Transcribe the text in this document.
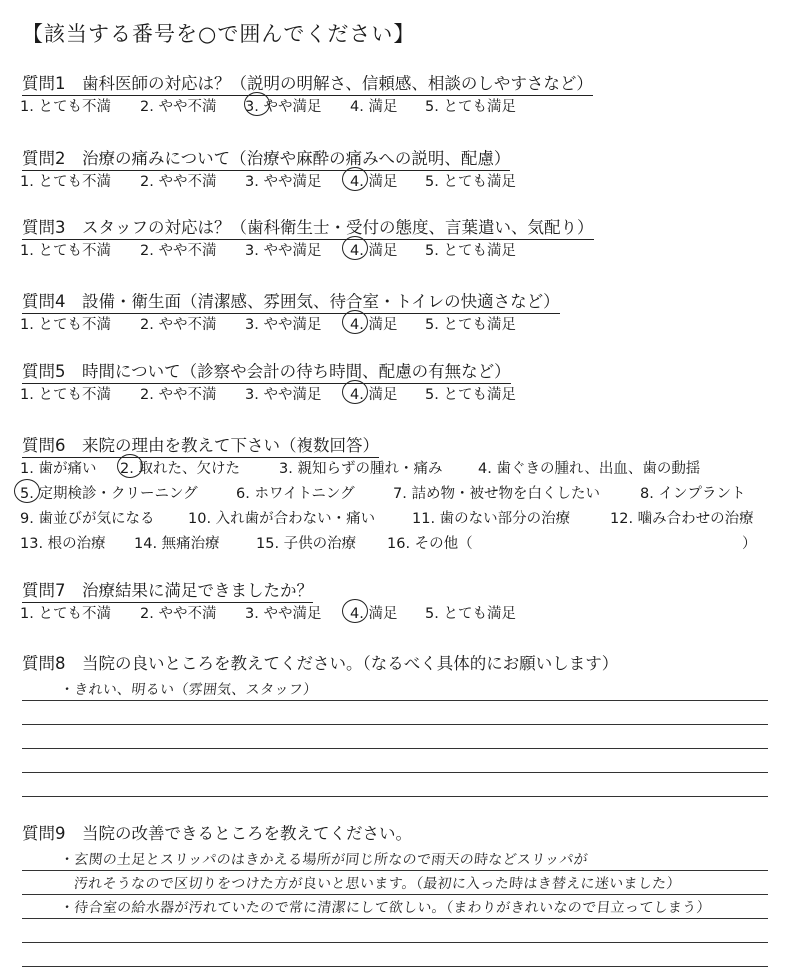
【該当する番号を○で囲んでください】
質問1　歯科医師の対応は？（説明の明解さ、信頼感、相談のしやすさなど）
1. とても不満 2. やや不満 3. やや満足 4. 満足 5. とても満足
質問2　治療の痛みについて（治療や麻酔の痛みへの説明、配慮）
1. とても不満 2. やや不満 3. やや満足 4. 満足 5. とても満足
質問3　スタッフの対応は？（歯科衛生士・受付の態度、言葉遣い、気配り）
1. とても不満 2. やや不満 3. やや満足 4. 満足 5. とても満足
質問4　設備・衛生面（清潔感、雰囲気、待合室・トイレの快適さなど）
1. とても不満 2. やや不満 3. やや満足 4. 満足 5. とても満足
質問5　時間について（診察や会計の待ち時間、配慮の有無など）
1. とても不満 2. やや不満 3. やや満足 4. 満足 5. とても満足
質問7　治療結果に満足できましたか？
1. とても不満 2. やや不満 3. やや満足 4. 満足 5. とても満足
質問6　来院の理由を教えて下さい（複数回答）
1. 歯が痛い 2. 取れた、欠けた	3. 親知らずの腫れ・痛み 4. 歯ぐきの腫れ、出血、歯の動揺
5. 定期検診・クリーニング	6. ホワイトニング	7. 詰め物・被せ物を白くしたい	8. インプラント
9. 歯並びが気になる 10. 入れ歯が合わない・痛い	11. 歯のない部分の治療	12. 噛み合わせの治療
13. 根の治療 14. 無痛治療	15. 子供の治療 16. その他（	）
質問8　当院の良いところを教えてください。（なるべく具体的にお願いします）
・きれい、明るい（雰囲気、スタッフ）
質問9　当院の改善できるところを教えてください。
・玄関の土足とスリッパのはきかえる場所が同じ所なので雨天の時などスリッパが
汚れそうなので区切りをつけた方が良いと思います。（最初に入った時はき替えに迷いました）
・待合室の給水器が汚れていたので常に清潔にして欲しい。（まわりがきれいなので目立ってしまう）
